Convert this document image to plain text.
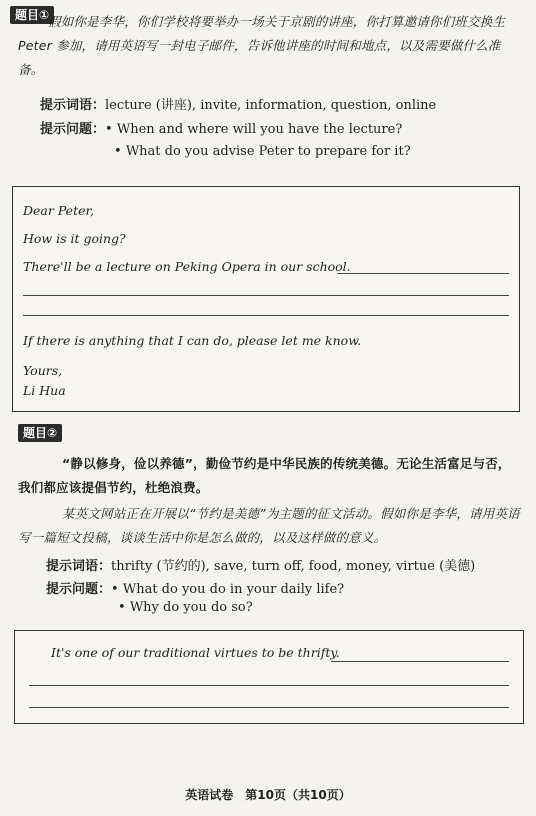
题目①
假如你是李华，你们学校将要举办一场关于京剧的讲座，你打算邀请你们班交换生 Peter 参加，请用英语写一封电子邮件，告诉他讲座的时间和地点，以及需要做什么准备。
提示词语：lecture (讲座), invite, information, question, online
提示问题：• When and where will you have the lecture?
• What do you advise Peter to prepare for it?
Dear Peter,
How is it going?
There'll be a lecture on Peking Opera in our school.
If there is anything that I can do, please let me know.
Yours,
Li Hua
题目②
“静以修身，俭以养德”，勤俭节约是中华民族的传统美德。无论生活富足与否，我们都应该提倡节约，杜绝浪费。
某英文网站正在开展以“节约是美德”为主题的征文活动。假如你是李华，请用英语写一篇短文投稿，谈谈生活中你是怎么做的，以及这样做的意义。
提示词语：thrifty (节约的), save, turn off, food, money, virtue (美德)
提示问题：• What do you do in your daily life?
• Why do you do so?
It's one of our traditional virtues to be thrifty.
英语试卷　第10页（共10页）
